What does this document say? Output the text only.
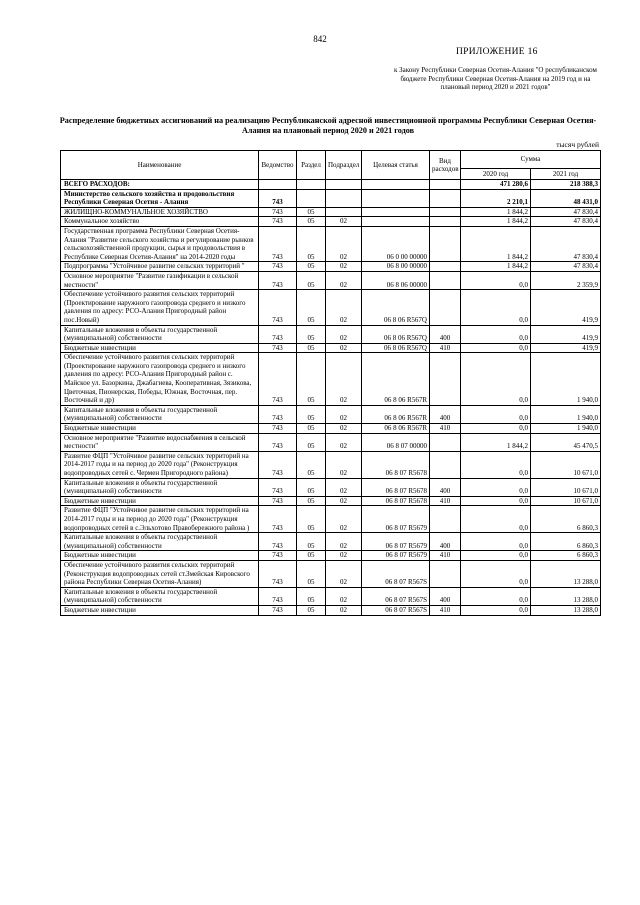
842
ПРИЛОЖЕНИЕ 16
к Закону Республики Северная Осетия-Алания "О республиканском бюджете Республики Северная Осетия-Алания на 2019 год и на плановый период 2020 и 2021 годов"
Распределение бюджетных ассигнований на реализацию Республиканской адресной инвестиционной программы Республики Северная Осетия-Алания на плановый период 2020 и 2021 годов
тысяч рублей
Наименование	Ведомство	Раздел	Подраздел	Целевая статья	Вид расходов	Сумма	
						2020 год	2021 год
ВСЕГО РАСХОДОВ:						471 280,6	218 388,3
Министерство сельского хозяйства и продовольствия Республики Северная Осетия - Алания	743					2 210,1	48 431,0
ЖИЛИЩНО-КОММУНАЛЬНОЕ ХОЗЯЙСТВО	743	05				1 844,2	47 830,4
Коммунальное хозяйство	743	05	02			1 844,2	47 830,4
Государственная программа Республики Северная Осетия-Алания "Развитие сельского хозяйства и регулирование рынков сельскохозяйственной продукции, сырья и продовольствия в Республике Северная Осетия-Алания" на 2014-2020 годы	743	05	02	06 0 00 00000		1 844,2	47 830,4
Подпрограмма "Устойчивое развитие сельских территорий "	743	05	02	06 8 00 00000		1 844,2	47 830,4
Основное мероприятие "Развитие газификации в сельской местности"	743	05	02	06 8 06 00000		0,0	2 359,9
Обеспечение устойчивого развития сельских территорий (Проектирование наружного газопровода среднего и низкого давления по адресу: РСО-Алания Пригородный район пос.Новый)	743	05	02	06 8 06 R567Q		0,0	419,9
Капитальные вложения в объекты государственной (муниципальной) собственности	743	05	02	06 8 06 R567Q	400	0,0	419,9
Бюджетные инвестиции	743	05	02	06 8 06 R567Q	410	0,0	419,9
Обеспечение устойчивого развития сельских территорий (Проектирование наружного газопровода среднего и низкого давления по адресу: РСО-Алания Пригородный район с. Майское ул. Базоркина, Джабагиева, Кооперативная, Зязикова, Цветочная, Пионерская, Победы, Южная, Восточная, пер. Восточный и др)	743	05	02	06 8 06 R567R		0,0	1 940,0
Капитальные вложения в объекты государственной (муниципальной) собственности	743	05	02	06 8 06 R567R	400	0,0	1 940,0
Бюджетные инвестиции	743	05	02	06 8 06 R567R	410	0,0	1 940,0
Основное мероприятие "Развитие водоснабжения в сельской местности"	743	05	02	06 8 07 00000		1 844,2	45 470,5
Развитие ФЦП "Устойчивое развитие сельских территорий на 2014-2017 годы и на период до 2020 года" (Реконструкция водопроводных сетей с. Чермен Пригородного района)	743	05	02	06 8 07 R5678		0,0	10 671,0
Капитальные вложения в объекты государственной (муниципальной) собственности	743	05	02	06 8 07 R5678	400	0,0	10 671,0
Бюджетные инвестиции	743	05	02	06 8 07 R5678	410	0,0	10 671,0
Развитие ФЦП "Устойчивое развитие сельских территорий на 2014-2017 годы и на период до 2020 года" (Реконструкция водопроводных сетей в с.Эльхотово Правобережного района )	743	05	02	06 8 07 R5679		0,0	6 860,3
Капитальные вложения в объекты государственной (муниципальной) собственности	743	05	02	06 8 07 R5679	400	0,0	6 860,3
Бюджетные инвестиции	743	05	02	06 8 07 R5679	410	0,0	6 860,3
Обеспечение устойчивого развития сельских территорий (Реконструкция водопроводных сетей ст.Змейская Кировского района Республики Северная Осетия-Алания)	743	05	02	06 8 07 R567S		0,0	13 288,0
Капитальные вложения в объекты государственной (муниципальной) собственности	743	05	02	06 8 07 R567S	400	0,0	13 288,0
Бюджетные инвестиции	743	05	02	06 8 07 R567S	410	0,0	13 288,0
